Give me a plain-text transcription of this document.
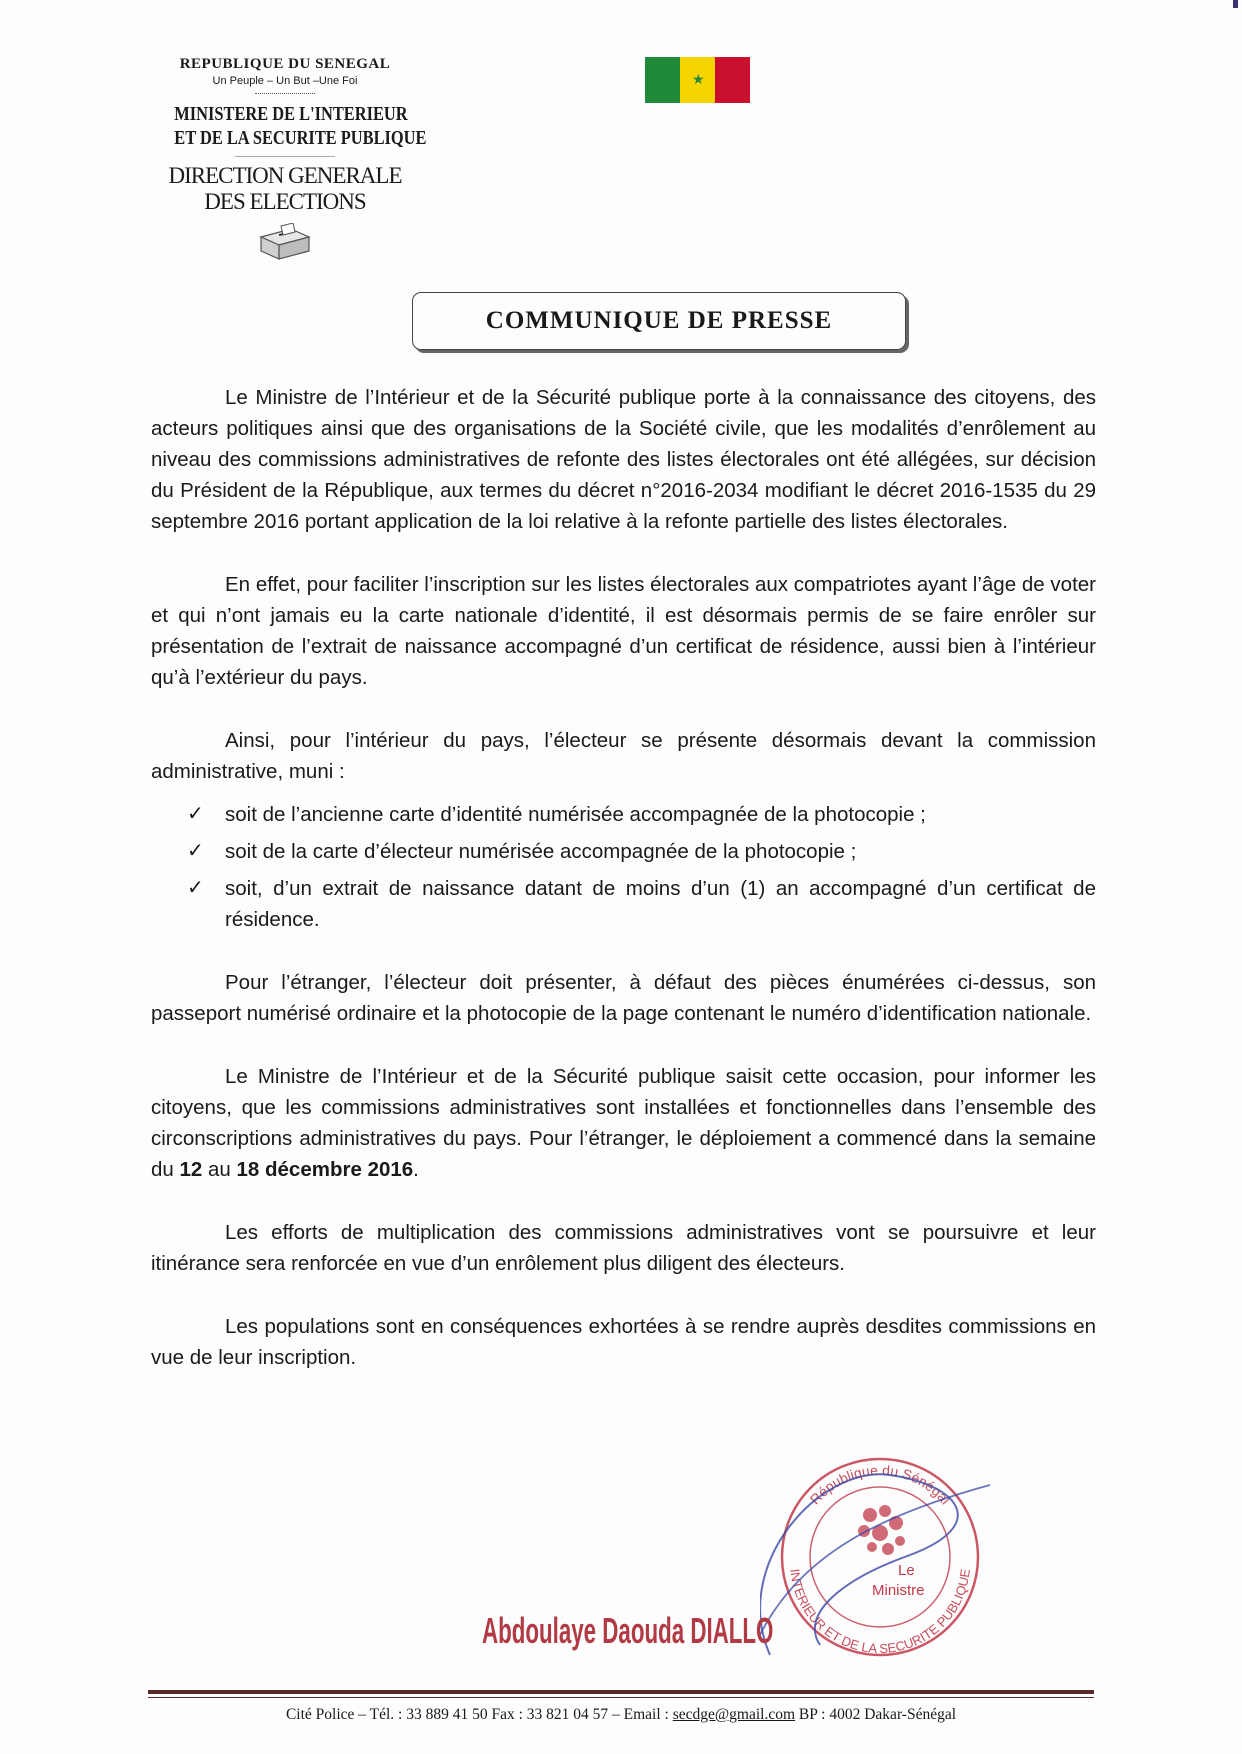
REPUBLIQUE DU SENEGAL
Un Peuple – Un But –Une Foi
MINISTERE DE L'INTERIEUR
ET DE LA SECURITE PUBLIQUE
DIRECTION GENERALE
DES ELECTIONS
★
COMMUNIQUE DE PRESSE

Le Ministre de l’Intérieur et de la Sécurité publique porte à la connaissance des citoyens, des acteurs politiques ainsi que des organisations de la Société civile, que les modalités d’enrôlement au niveau des commissions administratives de refonte des listes électorales ont été allégées, sur décision du Président de la République, aux termes du décret n°2016-2034 modifiant le décret 2016-1535 du 29 septembre 2016 portant application de la loi relative à la refonte partielle des listes électorales.

En effet, pour faciliter l’inscription sur les listes électorales aux compatriotes ayant l’âge de voter et qui n’ont jamais eu la carte nationale d’identité, il est désormais permis de se faire enrôler sur présentation de l’extrait de naissance accompagné d’un certificat de résidence, aussi bien à l’intérieur qu’à l’extérieur du pays.

Ainsi, pour l’intérieur du pays, l’électeur se présente désormais devant la commission administrative, muni :

✓ soit de l’ancienne carte d’identité numérisée accompagnée de la photocopie ;
✓ soit de la carte d’électeur numérisée accompagnée de la photocopie ;
✓ soit, d’un extrait de naissance datant de moins d’un (1) an accompagné d’un certificat de résidence.

Pour l’étranger, l’électeur doit présenter, à défaut des pièces énumérées ci-dessus, son passeport numérisé ordinaire et la photocopie de la page contenant le numéro d’identification nationale.

Le Ministre de l’Intérieur et de la Sécurité publique saisit cette occasion, pour informer les citoyens, que les commissions administratives sont installées et fonctionnelles dans l’ensemble des circonscriptions administratives du pays. Pour l’étranger, le déploiement a commencé dans la semaine du 12 au 18 décembre 2016.

Les efforts de multiplication des commissions administratives vont se poursuivre et leur itinérance sera renforcée en vue d’un enrôlement plus diligent des électeurs.

Les populations sont en conséquences exhortées à se rendre auprès desdites commissions en vue de leur inscription.

République du Sénégal
INTERIEUR ET DE LA SECURITE PUBLIQUE
Le
Ministre
Abdoulaye Daouda DIALLO
Cité Police – Tél. : 33 889 41 50 Fax : 33 821 04 57 – Email : secdge@gmail.com BP : 4002 Dakar-Sénégal
